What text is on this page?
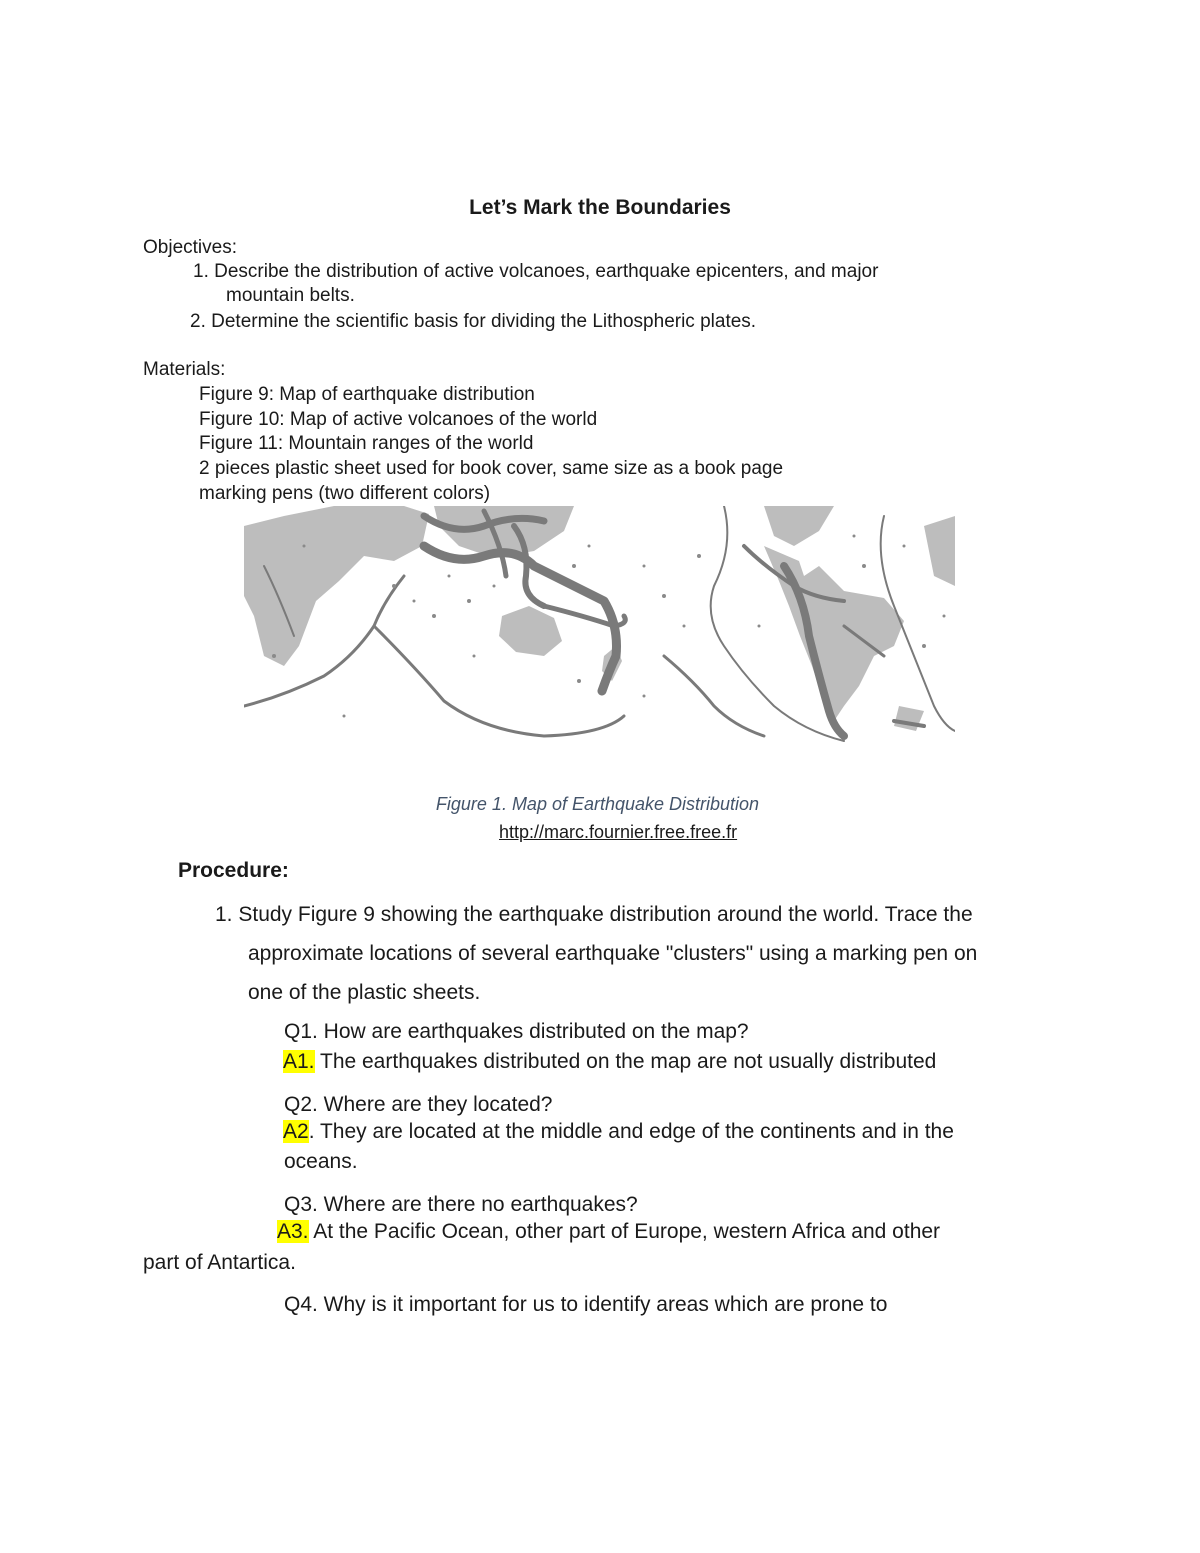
Let’s Mark the Boundaries
Objectives:
1. Describe the distribution of active volcanoes, earthquake epicenters, and major
mountain belts.
2. Determine the scientific basis for dividing the Lithospheric plates.
Materials:
Figure 9: Map of earthquake distribution
Figure 10: Map of active volcanoes of the world
Figure 11: Mountain ranges of the world
2 pieces plastic sheet used for book cover, same size as a book page
marking pens (two different colors)
Figure 1. Map of Earthquake Distribution
http://marc.fournier.free.free.fr
Procedure:
1. Study Figure 9 showing the earthquake distribution around the world. Trace the
approximate locations of several earthquake "clusters" using a marking pen on
one of the plastic sheets.
Q1. How are earthquakes distributed on the map?
A1. The earthquakes distributed on the map are not usually distributed
Q2. Where are they located?
A2. They are located at the middle and edge of the continents and in the
oceans.
Q3. Where are there no earthquakes?
A3. At the Pacific Ocean, other part of Europe, western Africa and other
part of Antartica.
Q4. Why is it important for us to identify areas which are prone to
